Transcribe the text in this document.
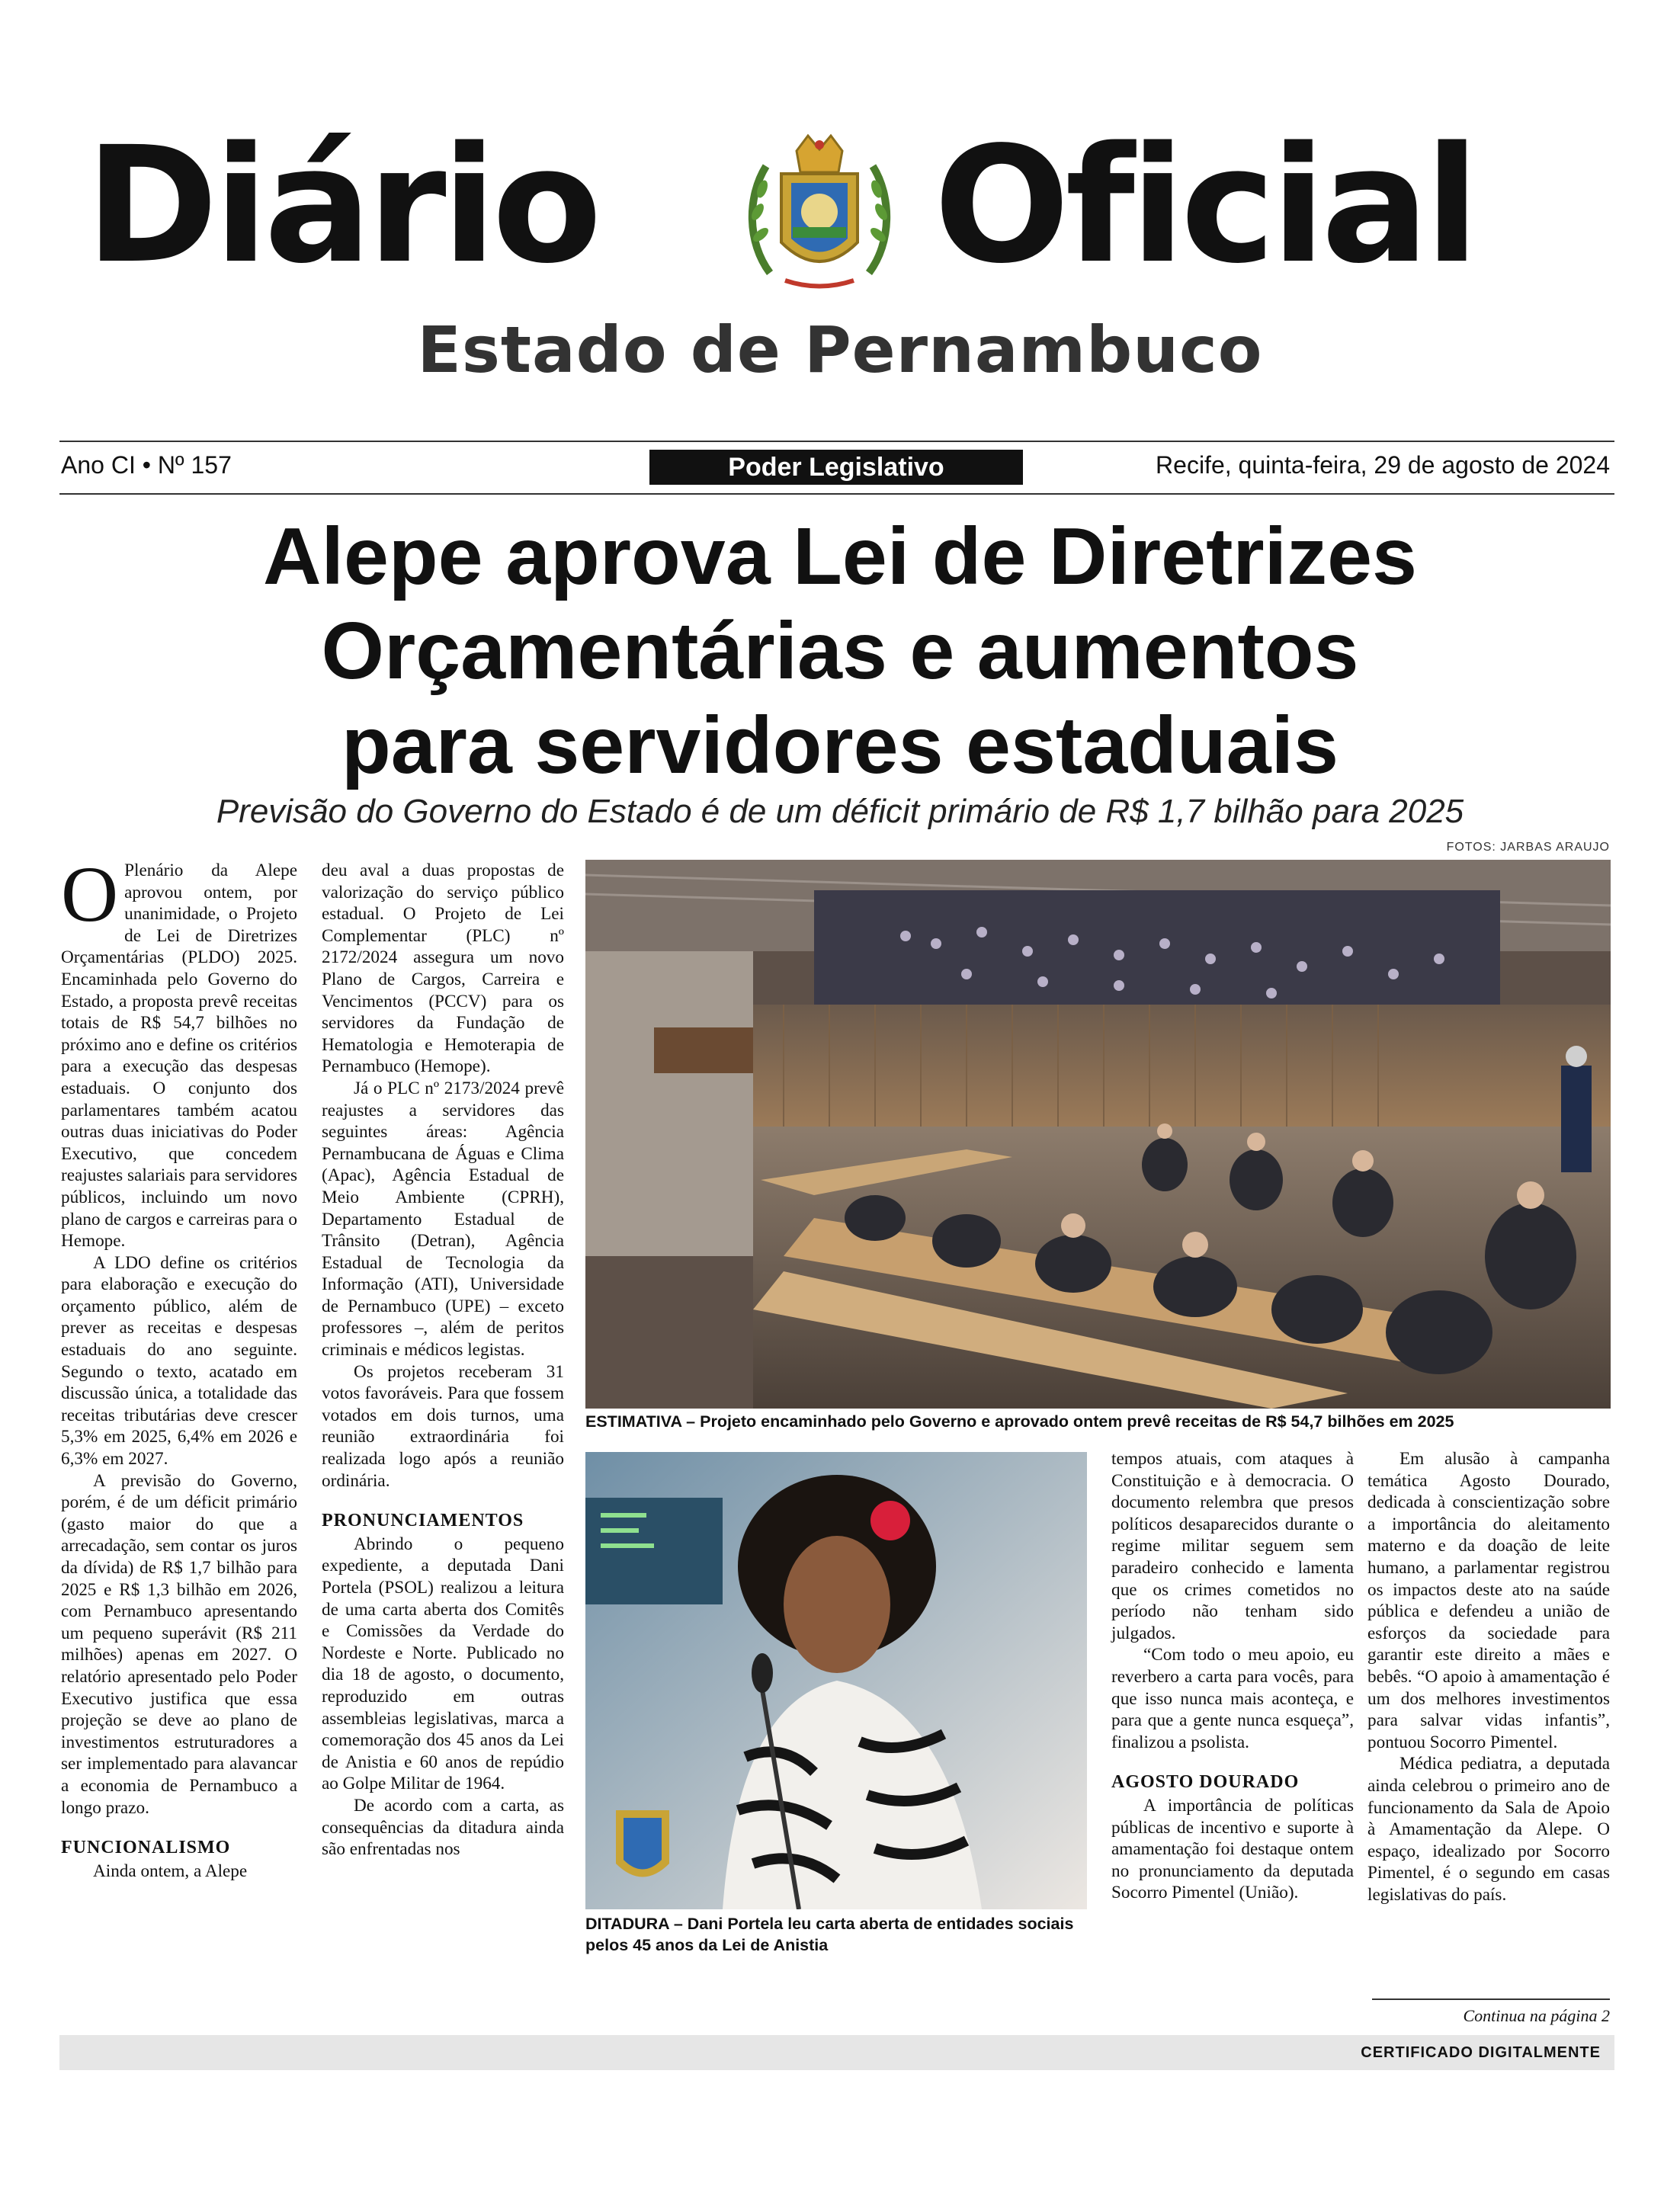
Diário Oficial
Estado de Pernambuco
Ano CI • Nº 157	Poder Legislativo	Recife, quinta-feira, 29 de agosto de 2024
Alepe aprova Lei de Diretrizes
Orçamentárias e aumentos
para servidores estaduais
Previsão do Governo do Estado é de um déficit primário de R$ 1,7 bilhão para 2025
FOTOS: JARBAS ARAUJO

O Plenário da Alepe aprovou ontem, por unanimidade, o Projeto de Lei de Diretrizes Orçamentárias (PLDO) 2025. Encaminhada pelo Governo do Estado, a proposta prevê receitas totais de R$ 54,7 bilhões no próximo ano e define os critérios para a execução das despesas estaduais. O conjunto dos parlamentares também acatou outras duas iniciativas do Poder Executivo, que concedem reajustes salariais para servidores públicos, incluindo um novo plano de cargos e carreiras para o Hemope.

A LDO define os critérios para elaboração e execução do orçamento público, além de prever as receitas e despesas estaduais do ano seguinte. Segundo o texto, acatado em discussão única, a totalidade das receitas tributárias deve crescer 5,3% em 2025, 6,4% em 2026 e 6,3% em 2027.

A previsão do Governo, porém, é de um déficit primário (gasto maior do que a arrecadação, sem contar os juros da dívida) de R$ 1,7 bilhão para 2025 e R$ 1,3 bilhão em 2026, com Pernambuco apresentando um pequeno superávit (R$ 211 milhões) apenas em 2027. O relatório apresentado pelo Poder Executivo justifica que essa projeção se deve ao plano de investimentos estruturadores a ser implementado para alavancar a economia de Pernambuco a longo prazo.

FUNCIONALISMO

Ainda ontem, a Alepe

deu aval a duas propostas de valorização do serviço público estadual. O Projeto de Lei Complementar (PLC) nº 2172/2024 assegura um novo Plano de Cargos, Carreira e Vencimentos (PCCV) para os servidores da Fundação de Hematologia e Hemoterapia de Pernambuco (Hemope).

Já o PLC nº 2173/2024 prevê reajustes a servidores das seguintes áreas: Agência Pernambucana de Águas e Clima (Apac), Agência Estadual de Meio Ambiente (CPRH), Departamento Estadual de Trânsito (Detran), Agência Estadual de Tecnologia da Informação (ATI), Universidade de Pernambuco (UPE) – exceto professores –, além de peritos criminais e médicos legistas.

Os projetos receberam 31 votos favoráveis. Para que fossem votados em dois turnos, uma reunião extraordinária foi realizada logo após a reunião ordinária.

PRONUNCIAMENTOS

Abrindo o pequeno expediente, a deputada Dani Portela (PSOL) realizou a leitura de uma carta aberta dos Comitês e Comissões da Verdade do Nordeste e Norte. Publicado no dia 18 de agosto, o documento, reproduzido em outras assembleias legislativas, marca a comemoração dos 45 anos da Lei de Anistia e 60 anos de repúdio ao Golpe Militar de 1964.

De acordo com a carta, as consequências da ditadura ainda são enfrentadas nos

ESTIMATIVA – Projeto encaminhado pelo Governo e aprovado ontem prevê receitas de R$ 54,7 bilhões em 2025
DITADURA – Dani Portela leu carta aberta de entidades sociais pelos 45 anos da Lei de Anistia

tempos atuais, com ataques à Constituição e à democracia. O documento relembra que presos políticos desaparecidos durante o regime militar seguem sem paradeiro conhecido e lamenta que os crimes cometidos no período não tenham sido julgados.

“Com todo o meu apoio, eu reverbero a carta para vocês, para que isso nunca mais aconteça, e para que a gente nunca esqueça”, finalizou a psolista.

AGOSTO DOURADO

A importância de políticas públicas de incentivo e suporte à amamentação foi destaque ontem no pronunciamento da deputada Socorro Pimentel (União).

Em alusão à campanha temática Agosto Dourado, dedicada à conscientização sobre a importância do aleitamento materno e da doação de leite humano, a parlamentar registrou os impactos deste ato na saúde pública e defendeu a união de esforços da sociedade para garantir este direito a mães e bebês. “O apoio à amamentação é um dos melhores investimentos para salvar vidas infantis”, pontuou Socorro Pimentel.

Médica pediatra, a deputada ainda celebrou o primeiro ano de funcionamento da Sala de Apoio à Amamentação da Alepe. O espaço, idealizado por Socorro Pimentel, é o segundo em casas legislativas do país.

Continua na página 2
CERTIFICADO DIGITALMENTE
